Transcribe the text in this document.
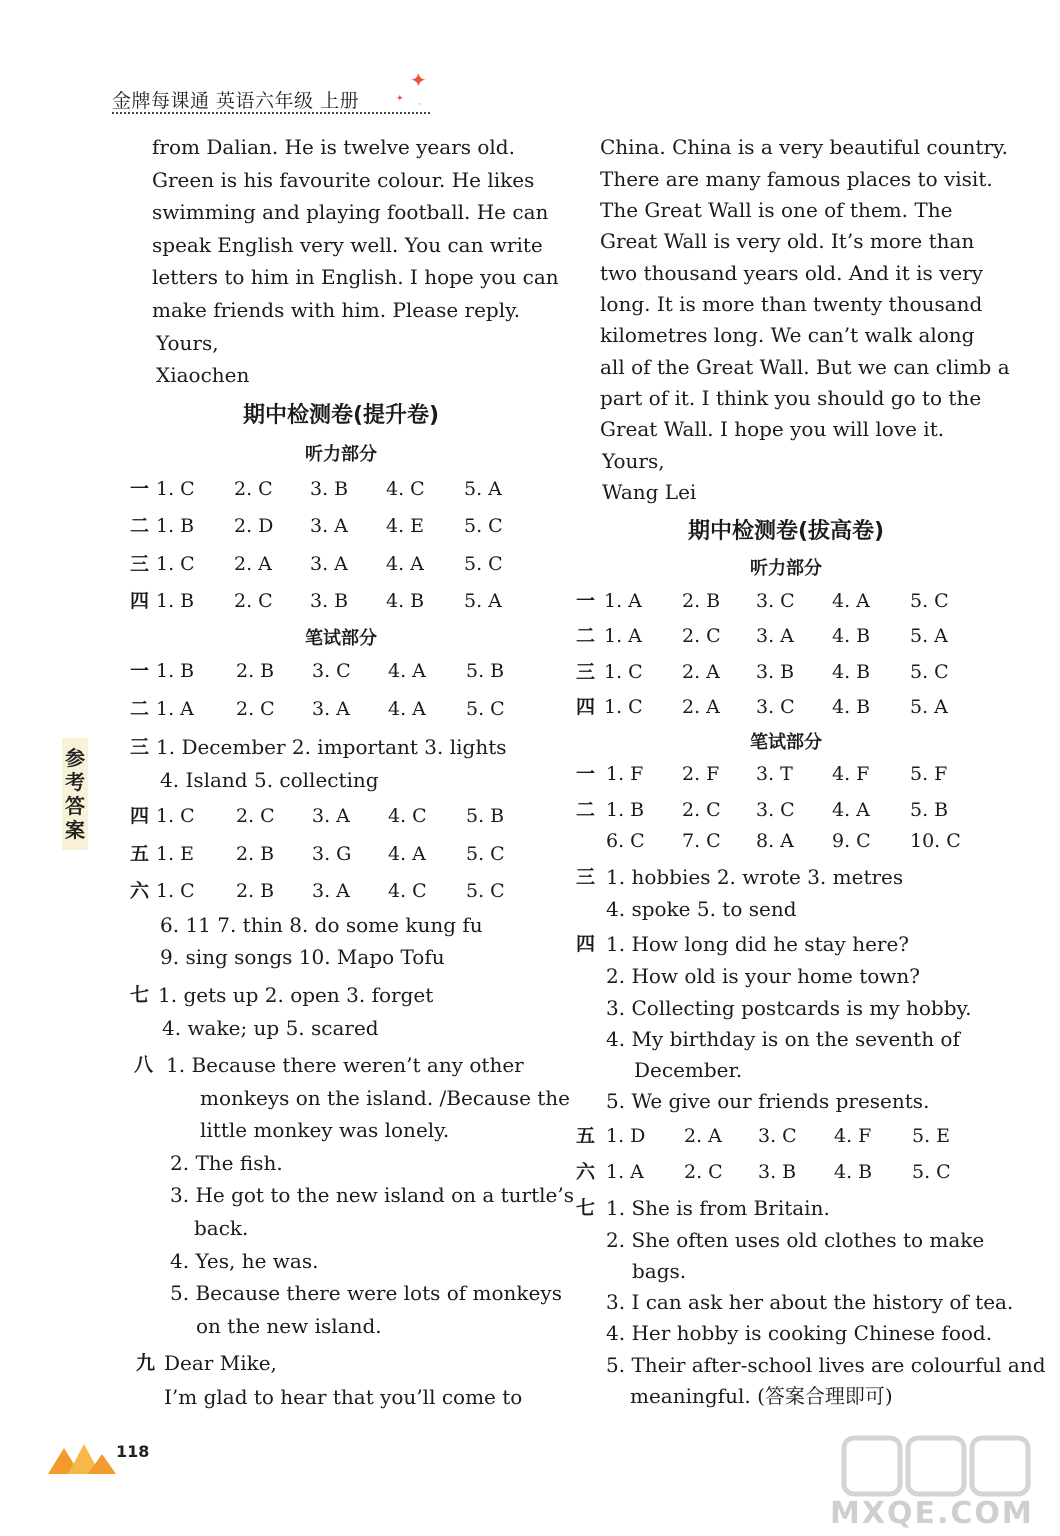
金牌每课通 英语六年级 上册
✦
✦
·
参考答案
from Dalian. He is twelve years old.
Green is his favourite colour. He likes
swimming and playing football. He can
speak English very well. You can write
letters to him in English. I hope you can
make friends with him. Please reply.
Yours,
Xiaochen
期中检测卷(提升卷)
听力部分
一 1. C 2. C 3. B 4. C 5. A
二 1. B 2. D 3. A 4. E 5. C
三 1. C 2. A 3. A 4. A 5. C
四 1. B 2. C 3. B 4. B 5. A
笔试部分
一 1. B 2. B 3. C 4. A 5. B
二 1. A 2. C 3. A 4. A 5. C
三 1. December 2. important 3. lights
4. Island 5. collecting
四 1. C 2. C 3. A 4. C 5. B
五 1. E 2. B 3. G 4. A 5. C
六 1. C 2. B 3. A 4. C 5. C
6. 11 7. thin 8. do some kung fu
9. sing songs 10. Mapo Tofu
七 1. gets up 2. open 3. forget
4. wake; up 5. scared
八 1. Because there weren’t any other
monkeys on the island. /Because the
little monkey was lonely.
2. The fish.
3. He got to the new island on a turtle’s
back.
4. Yes, he was.
5. Because there were lots of monkeys
on the new island.
九 Dear Mike,
I’m glad to hear that you’ll come to
China. China is a very beautiful country.
There are many famous places to visit.
The Great Wall is one of them. The
Great Wall is very old. It’s more than
two thousand years old. And it is very
long. It is more than twenty thousand
kilometres long. We can’t walk along
all of the Great Wall. But we can climb a
part of it. I think you should go to the
Great Wall. I hope you will love it.
Yours,
Wang Lei
期中检测卷(拔高卷)
听力部分
一 1. A 2. B 3. C 4. A 5. C
二 1. A 2. C 3. A 4. B 5. A
三 1. C 2. A 3. B 4. B 5. C
四 1. C 2. A 3. C 4. B 5. A
笔试部分
一 1. F 2. F 3. T 4. F 5. F
二 1. B 2. C 3. C 4. A 5. B
6. C 7. C 8. A 9. C 10. C
三 1. hobbies 2. wrote 3. metres
4. spoke 5. to send
四 1. How long did he stay here?
2. How old is your home town?
3. Collecting postcards is my hobby.
4. My birthday is on the seventh of
December.
5. We give our friends presents.
五 1. D 2. A 3. C 4. F 5. E
六 1. A 2. C 3. B 4. B 5. C
七 1. She is from Britain.
2. She often uses old clothes to make
bags.
3. I can ask her about the history of tea.
4. Her hobby is cooking Chinese food.
5. Their after-school lives are colourful and
meaningful. (答案合理即可)
118
MXQE.COM
